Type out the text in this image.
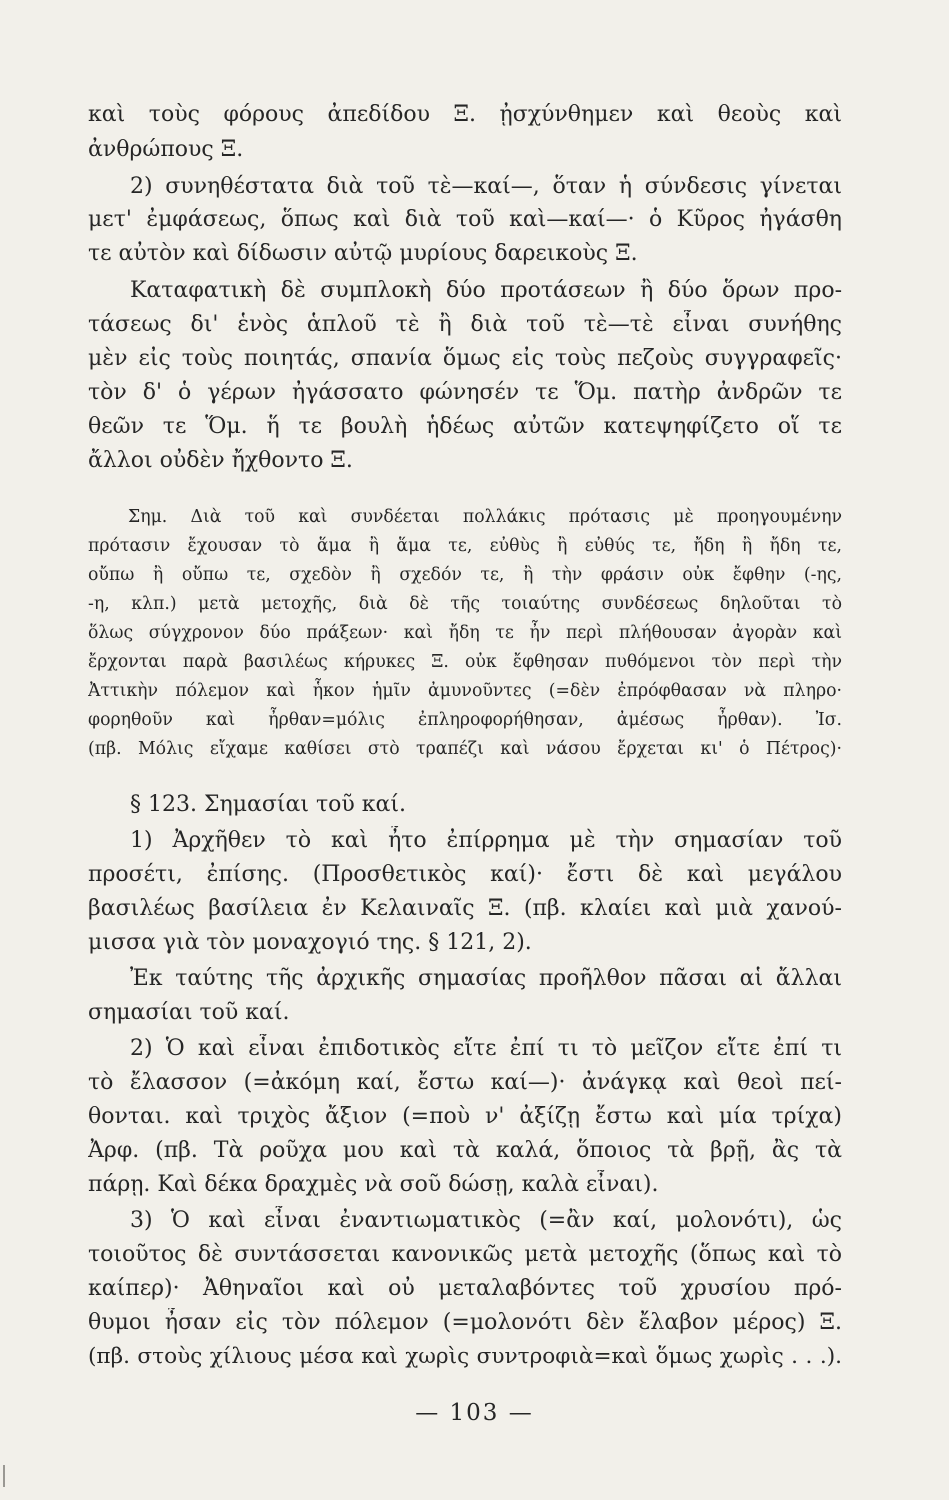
καὶ τοὺς φόρους ἀπεδίδου Ξ. ᾐσχύνθημεν καὶ θεοὺς καὶ
ἀνθρώπους Ξ.
2) συνηθέστατα διὰ τοῦ τὲ—καί—, ὅταν ἡ σύνδεσις γίνεται
μετ' ἐμφάσεως, ὅπως καὶ διὰ τοῦ καὶ—καί—· ὁ Κῦρος ἠγάσθη
τε αὐτὸν καὶ δίδωσιν αὐτῷ μυρίους δαρεικοὺς Ξ.
Καταφατικὴ δὲ συμπλοκὴ δύο προτάσεων ἢ δύο ὅρων προ-
τάσεως δι' ἑνὸς ἁπλοῦ τὲ ἢ διὰ τοῦ τὲ—τὲ εἶναι συνήθης
μὲν εἰς τοὺς ποιητάς, σπανία ὅμως εἰς τοὺς πεζοὺς συγγραφεῖς·
τὸν δ' ὁ γέρων ἠγάσσατο φώνησέν τε Ὅμ. πατὴρ ἀνδρῶν τε
θεῶν τε Ὅμ. ἥ τε βουλὴ ἡδέως αὐτῶν κατεψηφίζετο οἵ τε
ἄλλοι οὐδὲν ἤχθοντο Ξ.
Σημ. Διὰ τοῦ καὶ συνδέεται πολλάκις πρότασις μὲ προηγουμένην
πρότασιν ἔχουσαν τὸ ἅμα ἢ ἅμα τε, εὐθὺς ἢ εὐθύς τε, ἤδη ἢ ἤδη τε,
οὔπω ἢ οὔπω τε, σχεδὸν ἢ σχεδόν τε, ἢ τὴν φράσιν οὐκ ἔφθην (-ης,
-η, κλπ.) μετὰ μετοχῆς, διὰ δὲ τῆς τοιαύτης συνδέσεως δηλοῦται τὸ
ὅλως σύγχρονον δύο πράξεων· καὶ ἤδη τε ἦν περὶ πλήθουσαν ἀγορὰν καὶ
ἔρχονται παρὰ βασιλέως κήρυκες Ξ. οὐκ ἔφθησαν πυθόμενοι τὸν περὶ τὴν
Ἀττικὴν πόλεμον καὶ ἧκον ἡμῖν ἀμυνοῦντες (=δὲν ἐπρόφθασαν νὰ πληρο·
φορηθοῦν καὶ ἦρθαν=μόλις ἐπληροφορήθησαν, ἀμέσως ἦρθαν). Ἰσ.
(πβ. Μόλις εἴχαμε καθίσει στὸ τραπέζι καὶ νάσου ἔρχεται κι' ὁ Πέτρος)·
§ 123. Σημασίαι τοῦ καί.
1) Ἀρχῆθεν τὸ καὶ ἦτο ἐπίρρημα μὲ τὴν σημασίαν τοῦ
προσέτι, ἐπίσης. (Προσθετικὸς καί)· ἔστι δὲ καὶ μεγάλου
βασιλέως βασίλεια ἐν Κελαιναῖς Ξ. (πβ. κλαίει καὶ μιὰ χανού-
μισσα γιὰ τὸν μοναχογιό της. § 121, 2).
Ἐκ ταύτης τῆς ἀρχικῆς σημασίας προῆλθον πᾶσαι αἱ ἄλλαι
σημασίαι τοῦ καί.
2) Ὁ καὶ εἶναι ἐπιδοτικὸς εἴτε ἐπί τι τὸ μεῖζον εἴτε ἐπί τι
τὸ ἔλασσον (=ἀκόμη καί, ἔστω καί—)· ἀνάγκᾳ καὶ θεοὶ πεί-
θονται. καὶ τριχὸς ἄξιον (=ποὺ ν' ἀξίζῃ ἔστω καὶ μία τρίχα)
Ἀρφ. (πβ. Τὰ ροῦχα μου καὶ τὰ καλά, ὅποιος τὰ βρῇ, ἂς τὰ
πάρῃ. Καὶ δέκα δραχμὲς νὰ σοῦ δώσῃ, καλὰ εἶναι).
3) Ὁ καὶ εἶναι ἐναντιωματικὸς (=ἂν καί, μολονότι), ὡς
τοιοῦτος δὲ συντάσσεται κανονικῶς μετὰ μετοχῆς (ὅπως καὶ τὸ
καίπερ)· Ἀθηναῖοι καὶ οὐ μεταλαβόντες τοῦ χρυσίου πρό-
θυμοι ἦσαν εἰς τὸν πόλεμον (=μολονότι δὲν ἔλαβον μέρος) Ξ.
(πβ. στοὺς χίλιους μέσα καὶ χωρὶς συντροφιὰ=καὶ ὅμως χωρὶς . . .).
— 103 —
